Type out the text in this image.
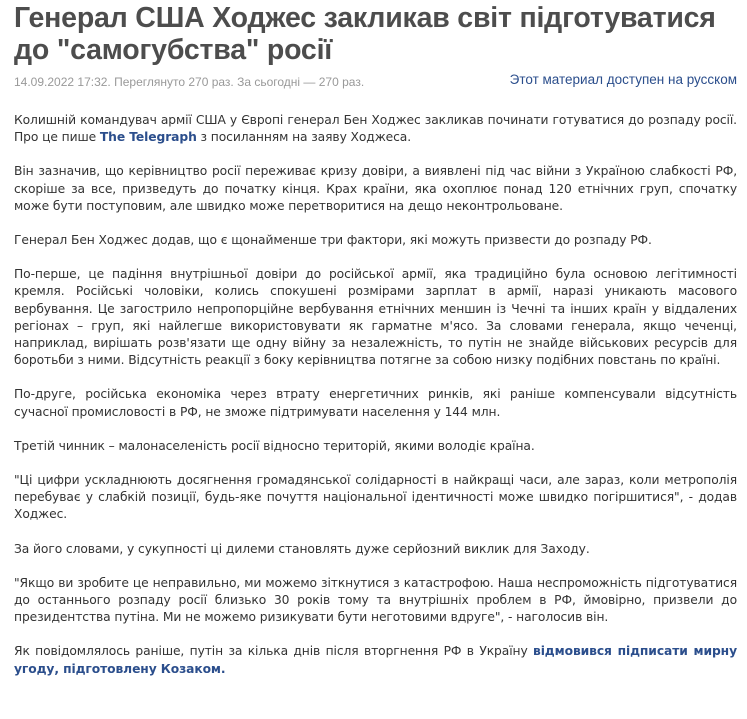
Генерал США Ходжес закликав світ підготуватися до "самогубства" росії
14.09.2022 17:32. Переглянуто 270 раз. За сьогодні — 270 раз.	Этот материал доступен на русском

Колишній командувач армії США у Європі генерал Бен Ходжес закликав починати готуватися до розпаду росії. Про це пише The Telegraph з посиланням на заяву Ходжеса.

Він зазначив, що керівництво росії переживає кризу довіри, а виявлені під час війни з Україною слабкості РФ, скоріше за все, призведуть до початку кінця. Крах країни, яка охоплює понад 120 етнічних груп, спочатку може бути поступовим, але швидко може перетворитися на дещо неконтрольоване.

Генерал Бен Ходжес додав, що є щонайменше три фактори, які можуть призвести до розпаду РФ.

По-перше, це падіння внутрішньої довіри до російської армії, яка традиційно була основою легітимності кремля. Російські чоловіки, колись спокушені розмірами зарплат в армії, наразі уникають масового вербування. Це загострило непропорційне вербування етнічних меншин із Чечні та інших країн у віддалених регіонах – груп, які найлегше використовувати як гарматне м'ясо. За словами генерала, якщо чеченці, наприклад, вирішать розв'язати ще одну війну за незалежність, то путін не знайде військових ресурсів для боротьби з ними. Відсутність реакції з боку керівництва потягне за собою низку подібних повстань по країні.

По-друге, російська економіка через втрату енергетичних ринків, які раніше компенсували відсутність сучасної промисловості в РФ, не зможе підтримувати населення у 144 млн.

Третій чинник – малонаселеність росії відносно територій, якими володіє країна.

"Ці цифри ускладнюють досягнення громадянської солідарності в найкращі часи, але зараз, коли метрополія перебуває у слабкій позиції, будь-яке почуття національної ідентичності може швидко погіршитися", - додав Ходжес.

За його словами, у сукупності ці дилеми становлять дуже серйозний виклик для Заходу.

"Якщо ви зробите це неправильно, ми можемо зіткнутися з катастрофою. Наша неспроможність підготуватися до останнього розпаду росії близько 30 років тому та внутрішніх проблем в РФ, ймовірно, призвели до президентства путіна. Ми не можемо ризикувати бути неготовими вдруге", - наголосив він.

Як повідомлялось раніше, путін за кілька днів після вторгнення РФ в Україну відмовився підписати мирну угоду, підготовлену Козаком.
